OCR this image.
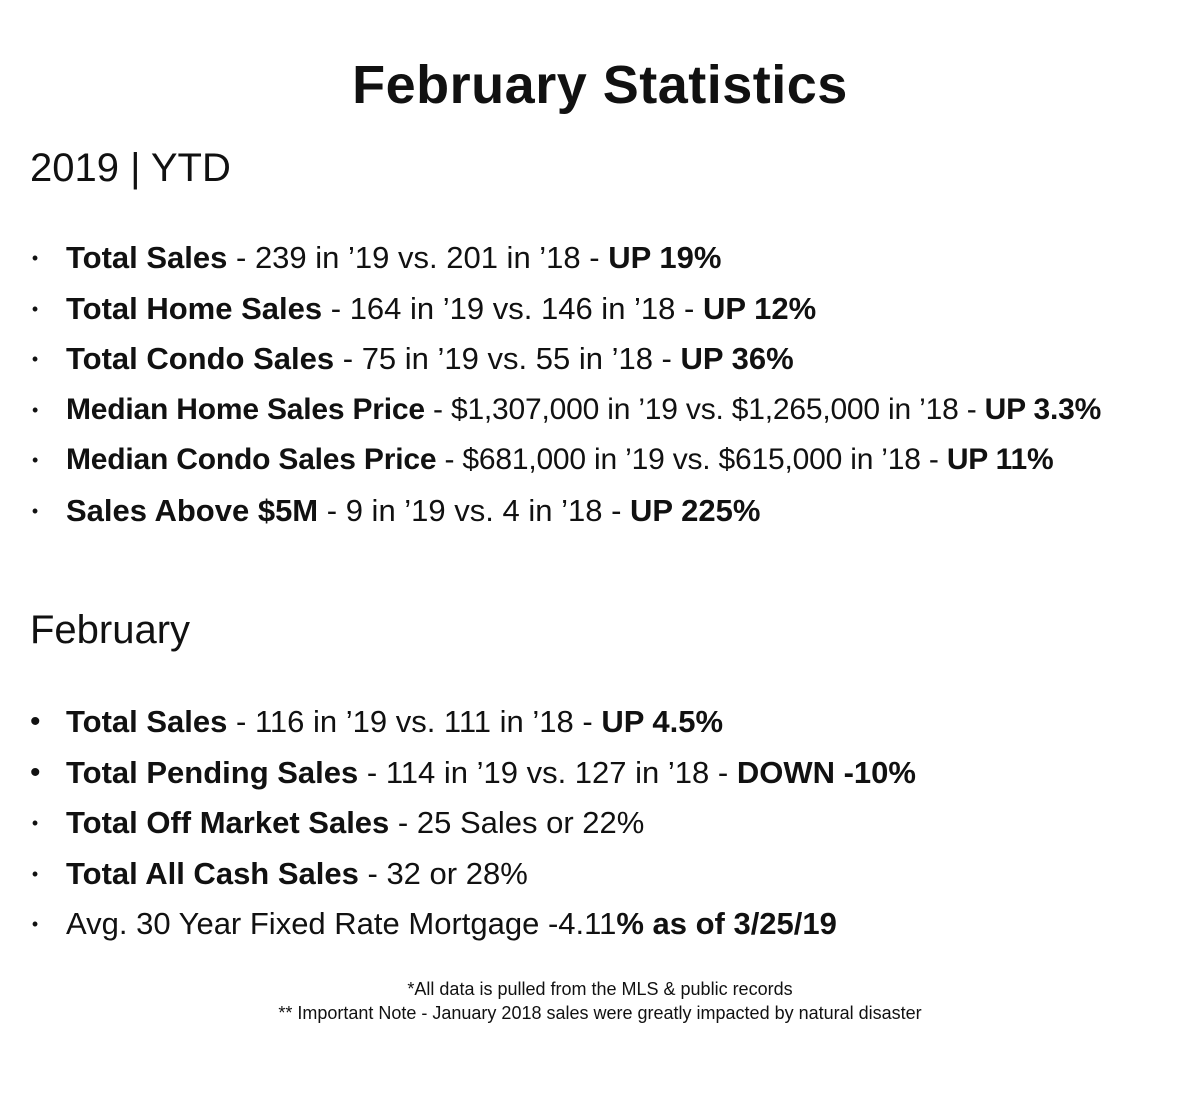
February Statistics
2019 | YTD
• Total Sales - 239 in ’19 vs. 201 in ’18 - UP 19%
• Total Home Sales - 164 in ’19 vs. 146 in ’18 - UP 12%
• Total Condo Sales - 75 in ’19 vs. 55 in ’18 - UP 36%
• Median Home Sales Price - $1,307,000 in ’19 vs. $1,265,000 in ’18 - UP 3.3%
• Median Condo Sales Price - $681,000 in ’19 vs. $615,000 in ’18 - UP 11%
• Sales Above $5M - 9 in ’19 vs. 4 in ’18 - UP 225%
February
• Total Sales - 116 in ’19 vs. 111 in ’18 - UP 4.5%
• Total Pending Sales - 114 in ’19 vs. 127 in ’18 - DOWN -10%
• Total Off Market Sales - 25 Sales or 22%
• Total All Cash Sales - 32 or 28%
• Avg. 30 Year Fixed Rate Mortgage -4.11% as of 3/25/19
*All data is pulled from the MLS & public records
** Important Note - January 2018 sales were greatly impacted by natural disaster
